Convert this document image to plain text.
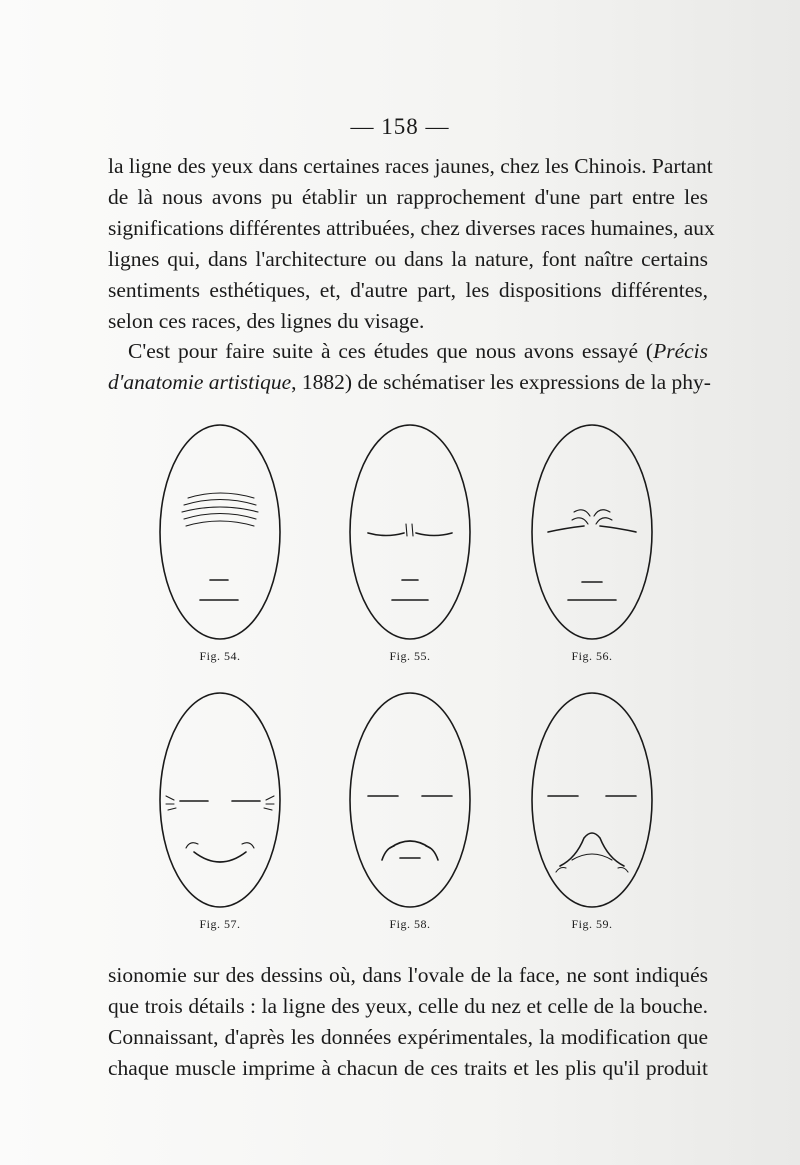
— 158 —
la ligne des yeux dans certaines races jaunes, chez les Chinois. Partant
de là nous avons pu établir un rapprochement d'une part entre les
significations différentes attribuées, chez diverses races humaines, aux
lignes qui, dans l'architecture ou dans la nature, font naître certains
sentiments esthétiques, et, d'autre part, les dispositions différentes,
selon ces races, des lignes du visage.
C'est pour faire suite à ces études que nous avons essayé (Précis
d'anatomie artistique, 1882) de schématiser les expressions de la phy-
Fig. 54.	Fig. 55.	Fig. 56.
Fig. 57.	Fig. 58.	Fig. 59.
sionomie sur des dessins où, dans l'ovale de la face, ne sont indiqués
que trois détails : la ligne des yeux, celle du nez et celle de la bouche.
Connaissant, d'après les données expérimentales, la modification que
chaque muscle imprime à chacun de ces traits et les plis qu'il produit
